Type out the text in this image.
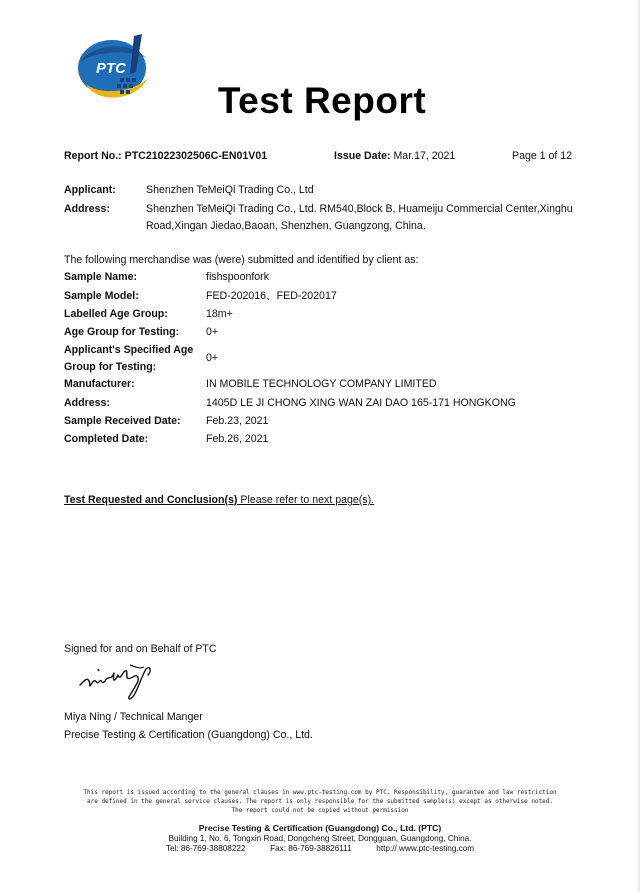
PTC
Test Report
Report No.: PTC21022302506C-EN01V01	Issue Date: Mar.17, 2021	Page 1 of 12
Applicant:	Shenzhen TeMeiQi Trading Co., Ltd
Address:	Shenzhen TeMeiQi Trading Co., Ltd. RM540,Block B, Huameiju Commercial Center,Xinghu
Road,Xingan Jiedao,Baoan, Shenzhen, Guangzong, China.
The following merchandise was (were) submitted and identified by client as:
Sample Name:	fishspoonfork
Sample Model:	FED-202016、FED-202017
Labelled Age Group:	18m+
Age Group for Testing:	0+
Applicant's Specified Age
Group for Testing:
0+
Manufacturer:	IN MOBILE TECHNOLOGY COMPANY LIMITED
Address:	1405D LE JI CHONG XING WAN ZAI DAO 165-171 HONGKONG
Sample Received Date: Feb.23, 2021
Completed Date:	Feb.26, 2021
Test Requested and Conclusion(s) Please refer to next page(s).
Signed for and on Behalf of PTC
Miya Ning / Technical Manger
Precise Testing & Certification (Guangdong) Co., Ltd.
This report is issued according to the general clauses in www.ptc-testing.com by PTC. Responsibility, guarantee and law restriction
are defined in the general service clauses. The report is only responsible for the submitted sample(s) except as otherwise noted.
The report could not be copied without permission
Precise Testing & Certification (Guangdong) Co., Ltd. (PTC)
Building 1, No. 6, Tongxin Road, Dongcheng Street, Dongguan, Guangdong, China.
Tel: 86-769-38808222	Fax: 86-769-38826111	http:// www.ptc-testing.com
